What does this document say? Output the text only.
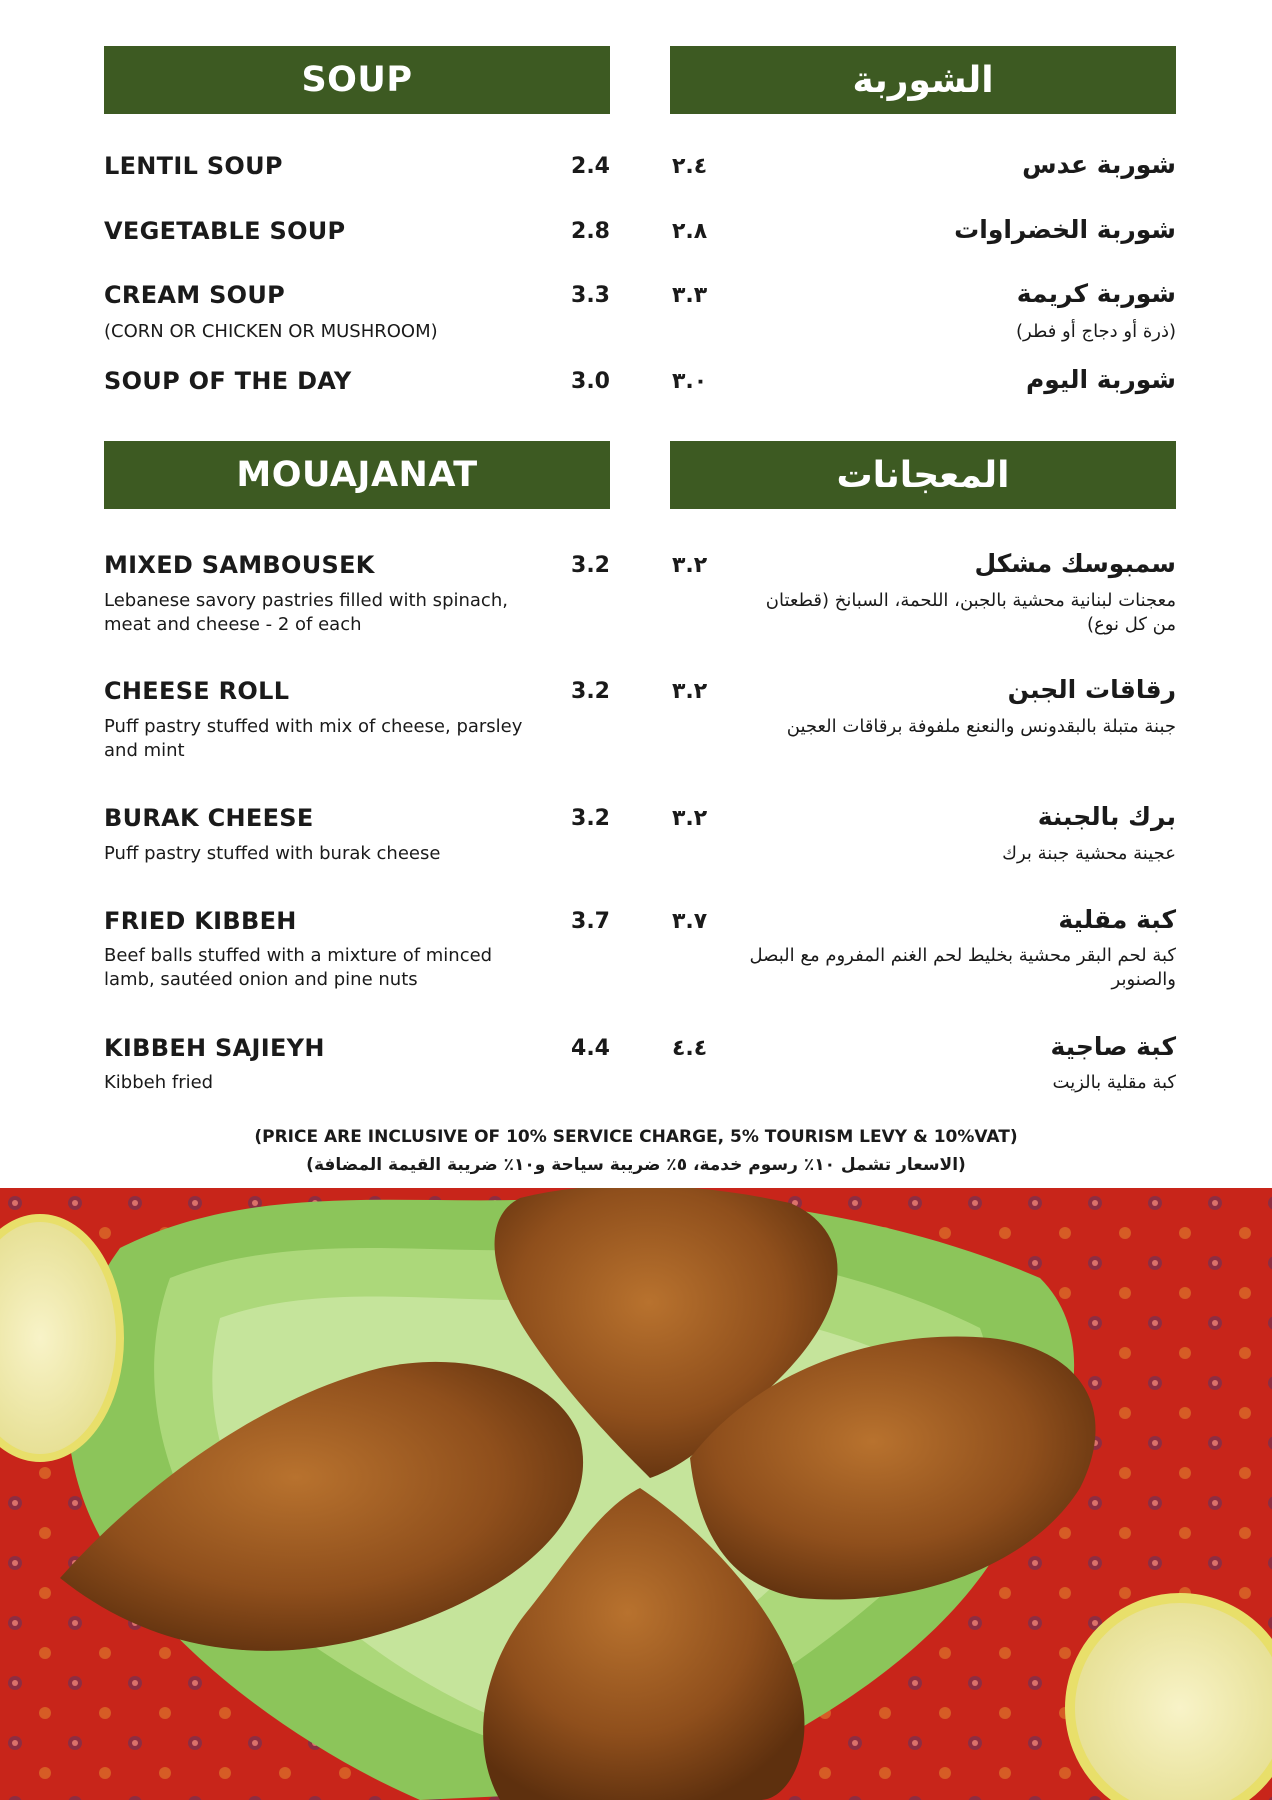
SOUP	الشوربة
LENTIL SOUP	2.4	٢.٤	شوربة عدس
VEGETABLE SOUP	2.8	٢.٨	شوربة الخضراوات
CREAM SOUP	3.3	٣.٣	شوربة كريمة
(CORN OR CHICKEN OR MUSHROOM)	(ذرة أو دجاج أو فطر)
SOUP OF THE DAY	3.0	٣.٠	شوربة اليوم
MOUAJANAT	المعجانات
MIXED SAMBOUSEK	3.2	٣.٢	سمبوسك مشكل
Lebanese savory pastries filled with spinach, meat and cheese - 2 of each
معجنات لبنانية محشية بالجبن، اللحمة، السبانخ (قطعتان من كل نوع)
CHEESE ROLL	3.2	٣.٢	رقاقات الجبن
Puff pastry stuffed with mix of cheese, parsley and mint
جبنة متبلة بالبقدونس والنعنع ملفوفة برقاقات العجين
BURAK CHEESE	3.2	٣.٢	برك بالجبنة
Puff pastry stuffed with burak cheese	عجينة محشية جبنة برك
FRIED KIBBEH	3.7	٣.٧	كبة مقلية
Beef balls stuffed with a mixture of minced lamb, sautéed onion and pine nuts
كبة لحم البقر محشية بخليط لحم الغنم المفروم مع البصل والصنوبر
KIBBEH SAJIEYH	4.4	٤.٤	كبة صاجية
Kibbeh fried	كبة مقلية بالزيت
(PRICE ARE INCLUSIVE OF 10% SERVICE CHARGE, 5% TOURISM LEVY & 10%VAT)
(الاسعار تشمل ١٠٪ رسوم خدمة، ٥٪ ضريبة سياحة و١٠٪ ضريبة القيمة المضافة)
